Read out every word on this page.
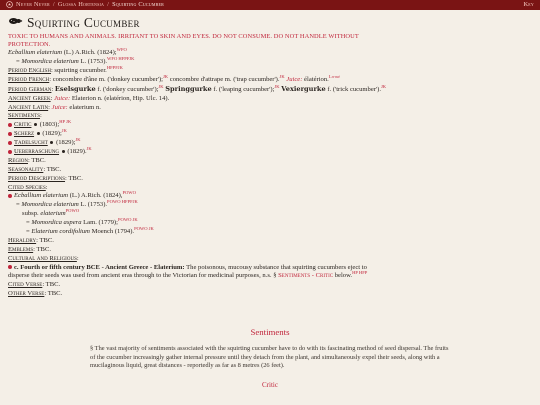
Never Never / Glossa Hortensia / Squirting Cucumber	Key
Squirting Cucumber
TOXIC TO HUMANS AND ANIMALS. IRRITANT TO SKIN AND EYES. DO NOT CONSUME. DO NOT HANDLE WITHOUT PROTECTION.
Ecballium elaterium (L.) A.Rich. (1824);$^{WFO}$
= Momordica elaterium L. (1753).$^{WFO HFPFJK}$
Period English: squirting cucumber.$^{HFPFJK}$
Period French: concombre d'âne m. ('donkey cucumber');$^{JK}$ concombre d'attrape m. ('trap cucumber').$^{JK}$ Juice: élatérion.$^{Littré}$
Period German: Eselsgurke f. ('donkey cucumber');$^{JK}$ Springgurke f. ('leaping cucumber');$^{JK}$ Vexiergurke f. ('trick cucumber').$^{JK}$
Ancient Greek: Juice: Elaterion n. (elatérion, Hip. Ulc. 14).
Ancient Latin: Juice: elaterium n.
Sentiments:
Critic (1803);$^{HP JK}$
Scherz (1829);$^{JK}$
Tadelsucht (1829);$^{JK}$
Ueberraschung (1829).$^{JK}$
Region: TBC.
Seasonality: TBC.
Period Descriptions: TBC.
Cited Species:
Ecballium elaterium (L.) A.Rich. (1824),$^{POWO}$
= Momordica elaterium L. (1753).$^{POWO HFPFJK}$
subsp. elaterium$^{POWO}$
= Momordica aspera Lam. (1779);$^{POWO JK}$
= Elaterium cordifolium Moench (1794).$^{POWO JK}$
Heraldry: TBC.
Emblems: TBC.
Cultural and Religious:
c. Fourth or fifth century BCE - Ancient Greece - Elaterium: The poisonous, mucousy substance that squirting cucumbers eject to disperse their seeds was used from ancient eras through to the Victorian for medicinal purposes, n.s. § Sentiments - Critic below.$^{HP HFP}$
Cited Verse: TBC.
Other Verse: TBC.
Sentiments
§ The vast majority of sentiments associated with the squirting cucumber have to do with its fascinating method of seed dispersal. The fruits of the cucumber increasingly gather internal pressure until they detach from the plant, and simultaneously expel their seeds, along with a mucilaginous liquid, great distances - reportedly as far as 8 metres (26 feet).
Critic
